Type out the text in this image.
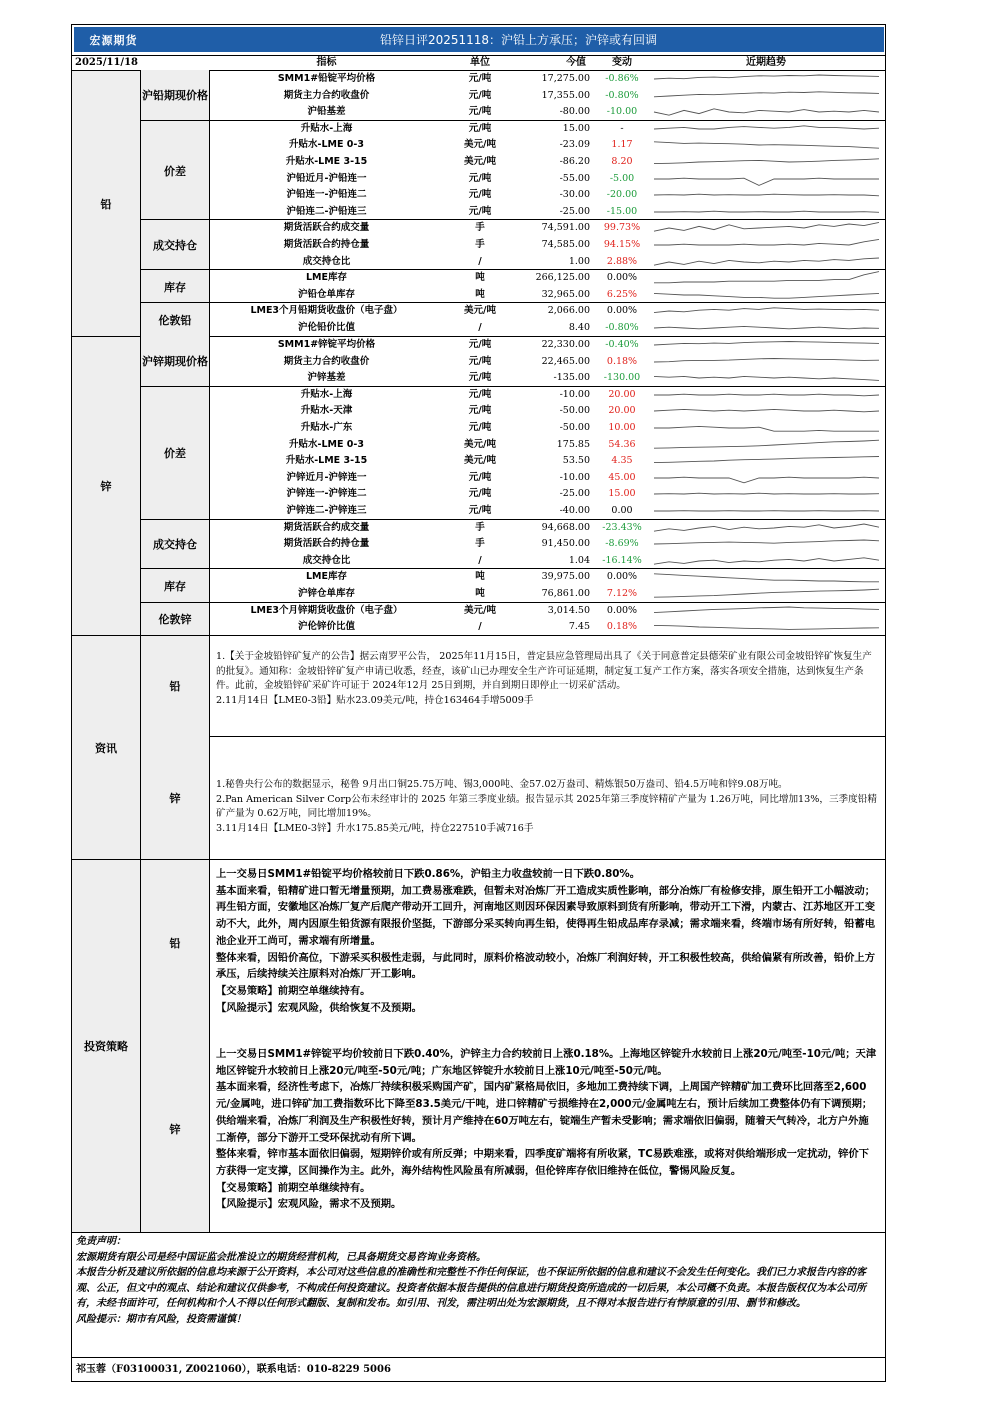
宏源期货	铅锌日评20251118：沪铅上方承压；沪锌或有回调
2025/11/18	指标	单位	今值	变动	近期趋势
铅
沪铅期现价格
SMM1#铅锭平均价格	元/吨	17,275.00	-0.86%
期货主力合约收盘价	元/吨	17,355.00	-0.80%
沪铅基差	元/吨	-80.00	-10.00
价差
升贴水-上海	元/吨	15.00	-
升贴水-LME 0-3	美元/吨	-23.09	1.17
升贴水-LME 3-15	美元/吨	-86.20	8.20
沪铅近月-沪铅连一	元/吨	-55.00	-5.00
沪铅连一-沪铅连二	元/吨	-30.00	-20.00
沪铅连二-沪铅连三	元/吨	-25.00	-15.00
成交持仓
期货活跃合约成交量	手	74,591.00	99.73%
期货活跃合约持仓量	手	74,585.00	94.15%
成交持仓比	/	1.00	2.88%
库存
LME库存	吨	266,125.00	0.00%
沪铅仓单库存	吨	32,965.00	6.25%
伦敦铅
LME3个月铅期货收盘价（电子盘）	美元/吨	2,066.00	0.00%
沪伦铅价比值	/	8.40	-0.80%
锌
沪锌期现价格
SMM1#锌锭平均价格	元/吨	22,330.00	-0.40%
期货主力合约收盘价	元/吨	22,465.00	0.18%
沪锌基差	元/吨	-135.00	-130.00
价差
升贴水-上海	元/吨	-10.00	20.00
升贴水-天津	元/吨	-50.00	20.00
升贴水-广东	元/吨	-50.00	10.00
升贴水-LME 0-3	美元/吨	175.85	54.36
升贴水-LME 3-15	美元/吨	53.50	4.35
沪锌近月-沪锌连一	元/吨	-10.00	45.00
沪锌连一-沪锌连二	元/吨	-25.00	15.00
沪锌连二-沪锌连三	元/吨	-40.00	0.00
成交持仓
期货活跃合约成交量	手	94,668.00	-23.43%
期货活跃合约持仓量	手	91,450.00	-8.69%
成交持仓比	/	1.04	-16.14%
库存
LME库存	吨	39,975.00	0.00%
沪锌仓单库存	吨	76,861.00	7.12%
伦敦锌
LME3个月锌期货收盘价（电子盘）	美元/吨	3,014.50	0.00%
沪伦锌价比值	/	7.45	0.18%
资讯
铅

1.【关于金坡铅锌矿复产的公告】据云南罗平公告， 2025年11月15日，普定县应急管理局出具了《关于同意普定县德荣矿业有限公司金坡铅锌矿恢复生产的批复》。通知称：金坡铅锌矿复产申请已收悉，经查，该矿山已办理安全生产许可证延期，制定复工复产工作方案，落实各项安全措施，达到恢复生产条件。此前，金坡铅锌矿采矿许可证于 2024年12月 25日到期，并自到期日即停止一切采矿活动。

2.11月14日【LME0-3铅】贴水23.09美元/吨，持仓163464手增5009手

锌

1.秘鲁央行公布的数据显示，秘鲁 9月出口铜25.75万吨、锡3,000吨、金57.02万盎司、精炼银50万盎司、铅4.5万吨和锌9.08万吨。

2.Pan American Silver Corp公布未经审计的 2025 年第三季度业绩。报告显示其 2025年第三季度锌精矿产量为 1.26万吨，同比增加13%，三季度铅精矿产量为 0.62万吨，同比增加19%。

3.11月14日【LME0-3锌】升水175.85美元/吨，持仓227510手减716手

投资策略
铅

上一交易日SMM1#铅锭平均价格较前日下跌0.86%，沪铅主力收盘较前一日下跌0.80%。

基本面来看，铅精矿进口暂无增量预期，加工费易涨难跌，但暂未对冶炼厂开工造成实质性影响，部分冶炼厂有检修安排，原生铅开工小幅波动；再生铅方面，安徽地区冶炼厂复产后爬产带动开工回升，河南地区则因环保因素导致原料到货有所影响，带动开工下滑，内蒙古、江苏地区开工变动不大，此外，周内因原生铅货源有限报价坚挺，下游部分采买转向再生铅，使得再生铅成品库存录减；需求端来看，终端市场有所好转，铅蓄电池企业开工尚可，需求端有所增量。

整体来看，因铅价高位，下游采买积极性走弱，与此同时，原料价格波动较小，冶炼厂利润好转，开工积极性较高，供给偏紧有所改善，铅价上方承压，后续持续关注原料对冶炼厂开工影响。

【交易策略】前期空单继续持有。

【风险提示】宏观风险，供给恢复不及预期。

锌

上一交易日SMM1#锌锭平均价较前日下跌0.40%，沪锌主力合约较前日上涨0.18%。上海地区锌锭升水较前日上涨20元/吨至-10元/吨；天津地区锌锭升水较前日上涨20元/吨至-50元/吨；广东地区锌锭升水较前日上涨10元/吨至-50元/吨。

基本面来看，经济性考虑下，冶炼厂持续积极采购国产矿，国内矿紧格局依旧，多地加工费持续下调，上周国产锌精矿加工费环比回落至2,600元/金属吨，进口锌矿加工费指数环比下降至83.5美元/干吨，进口锌精矿亏损维持在2,000元/金属吨左右，预计后续加工费整体仍有下调预期；供给端来看，冶炼厂利润及生产积极性好转，预计月产维持在60万吨左右，锭端生产暂未受影响；需求端依旧偏弱，随着天气转冷，北方户外施工渐停，部分下游开工受环保扰动有所下调。

整体来看，锌市基本面依旧偏弱，短期锌价或有所反弹；中期来看，四季度矿端将有所收紧，TC易跌难涨，或将对供给端形成一定扰动，锌价下方获得一定支撑，区间操作为主。此外，海外结构性风险虽有所减弱，但伦锌库存依旧维持在低位，警惕风险反复。

【交易策略】前期空单继续持有。

【风险提示】宏观风险，需求不及预期。

免责声明：

宏源期货有限公司是经中国证监会批准设立的期货经营机构，已具备期货交易咨询业务资格。

本报告分析及建议所依据的信息均来源于公开资料，本公司对这些信息的准确性和完整性不作任何保证，也不保证所依据的信息和建议不会发生任何变化。我们已力求报告内容的客观、公正，但文中的观点、结论和建议仅供参考，不构成任何投资建议。投资者依据本报告提供的信息进行期货投资所造成的一切后果，本公司概不负责。本报告版权仅为本公司所有，未经书面许可，任何机构和个人不得以任何形式翻版、复制和发布。如引用、刊发，需注明出处为宏源期货，且不得对本报告进行有悖原意的引用、删节和修改。

风险提示：期市有风险，投资需谨慎！

祁玉蓉（F03100031, Z0021060），联系电话：010-8229 5006
